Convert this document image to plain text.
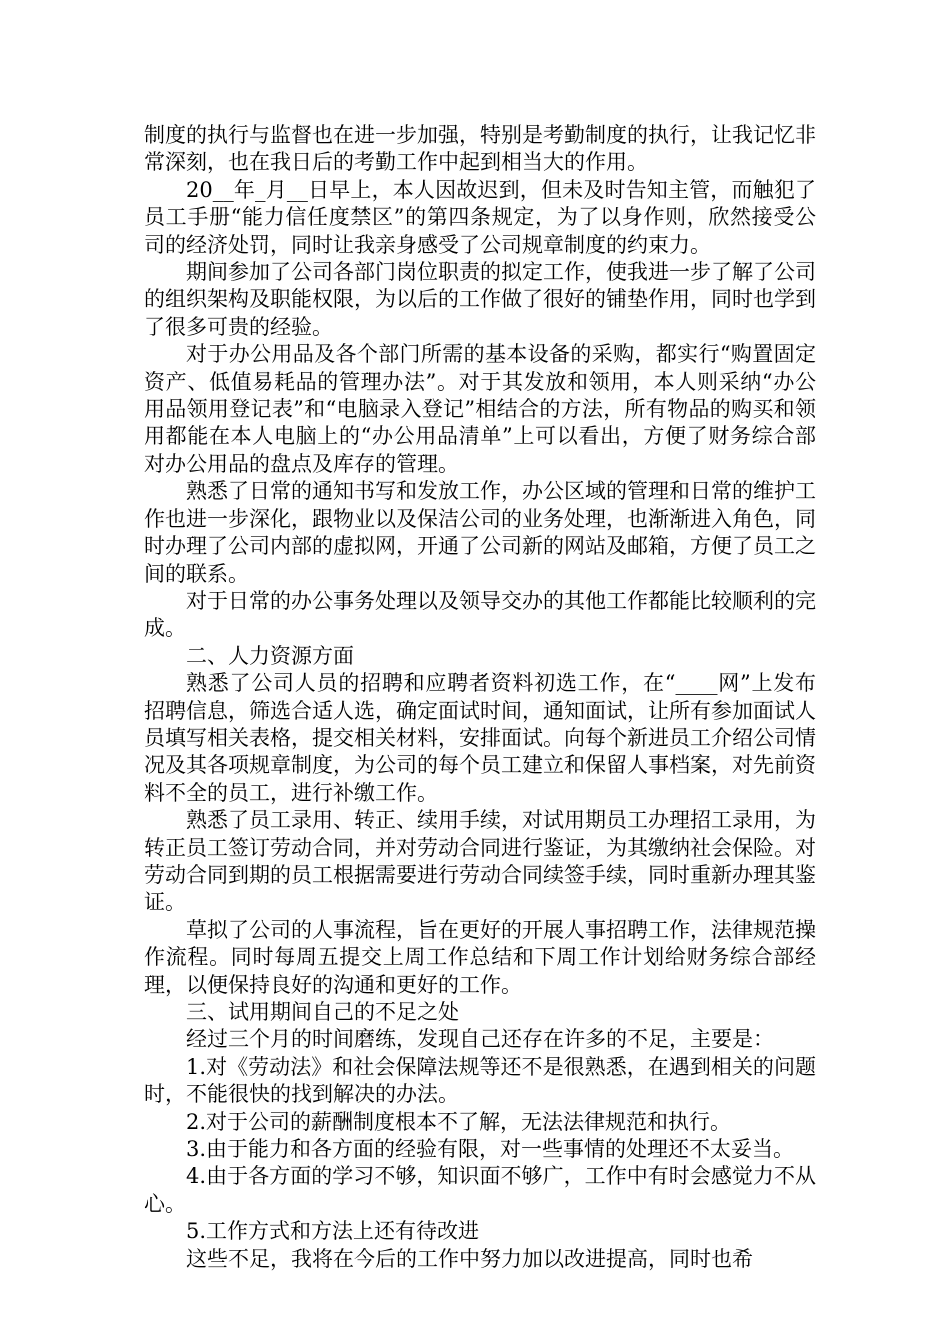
制度的执行与监督也在进一步加强，特别是考勤制度的执行，让我记忆非常深刻，也在我日后的考勤工作中起到相当大的作用。

20__年_月__日早上，本人因故迟到，但未及时告知主管，而触犯了员工手册“能力信任度禁区”的第四条规定，为了以身作则，欣然接受公司的经济处罚，同时让我亲身感受了公司规章制度的约束力。

期间参加了公司各部门岗位职责的拟定工作，使我进一步了解了公司的组织架构及职能权限，为以后的工作做了很好的铺垫作用，同时也学到了很多可贵的经验。

对于办公用品及各个部门所需的基本设备的采购，都实行“购置固定资产、低值易耗品的管理办法”。对于其发放和领用，本人则采纳“办公用品领用登记表”和“电脑录入登记”相结合的方法，所有物品的购买和领用都能在本人电脑上的“办公用品清单”上可以看出，方便了财务综合部对办公用品的盘点及库存的管理。

熟悉了日常的通知书写和发放工作，办公区域的管理和日常的维护工作也进一步深化，跟物业以及保洁公司的业务处理，也渐渐进入角色，同时办理了公司内部的虚拟网，开通了公司新的网站及邮箱，方便了员工之间的联系。

对于日常的办公事务处理以及领导交办的其他工作都能比较顺利的完成。

二、人力资源方面

熟悉了公司人员的招聘和应聘者资料初选工作，在“____网”上发布招聘信息，筛选合适人选，确定面试时间，通知面试，让所有参加面试人员填写相关表格，提交相关材料，安排面试。向每个新进员工介绍公司情况及其各项规章制度，为公司的每个员工建立和保留人事档案，对先前资料不全的员工，进行补缴工作。

熟悉了员工录用、转正、续用手续，对试用期员工办理招工录用，为转正员工签订劳动合同，并对劳动合同进行鉴证，为其缴纳社会保险。对劳动合同到期的员工根据需要进行劳动合同续签手续，同时重新办理其鉴证。

草拟了公司的人事流程，旨在更好的开展人事招聘工作，法律规范操作流程。同时每周五提交上周工作总结和下周工作计划给财务综合部经理，以便保持良好的沟通和更好的工作。

三、试用期间自己的不足之处

经过三个月的时间磨练，发现自己还存在许多的不足，主要是：

1.对《劳动法》和社会保障法规等还不是很熟悉，在遇到相关的问题时，不能很快的找到解决的办法。

2.对于公司的薪酬制度根本不了解，无法法律规范和执行。

3.由于能力和各方面的经验有限，对一些事情的处理还不太妥当。

4.由于各方面的学习不够，知识面不够广，工作中有时会感觉力不从心。

5.工作方式和方法上还有待改进

这些不足，我将在今后的工作中努力加以改进提高，同时也希
